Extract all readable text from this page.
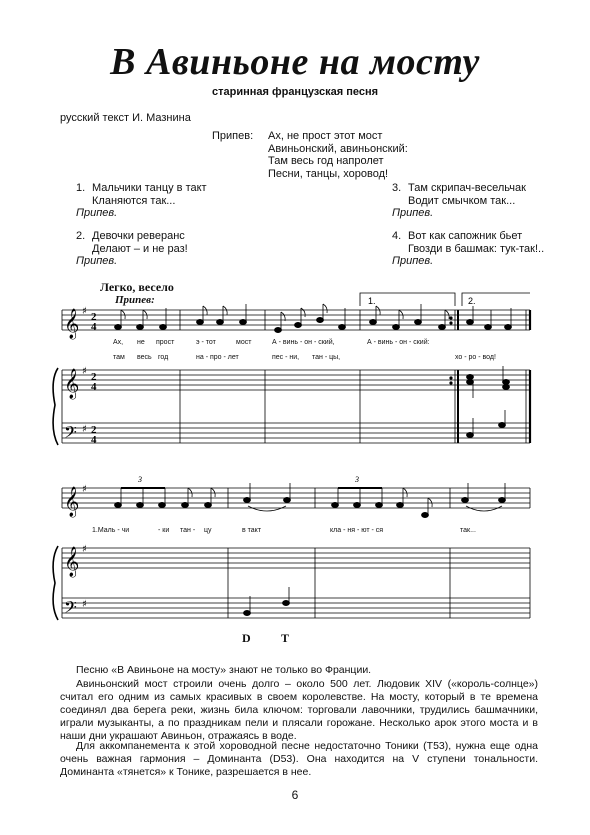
В Авиньоне на мосту
старинная французская песня
русский текст И. Мазнина
Припев: Ах, не прост этот мост
Авиньонский, авиньонский:
Там весь год напролет
Песни, танцы, хоровод!
1. Мальчики танцу в такт
Кланяются так...
Припев.
2. Девочки реверанс
Делают – и не раз!
Припев.
3. Там скрипач-весельчак
Водит смычком так...
Припев.
4. Вот как сапожник бьет
Гвозди в башмак: тук-так!..
Припев.
Легко, весело
Припев:
𝄞
𝄞
𝄢
𝄞
𝄞
𝄢
♯
♯
♯
♯
♯
♯
2
4
2
4
2
4
1.	2.
3	3
Ах, не прост	э - тот	мост	А - винь - он - ский,	А - винь - он - ский:
там весь год	на - про - лет	пес - ни, тан - цы,	хо - ро - вод!
1.Маль - чи	- ки тан - цу	в такт	кла - ня - ют - ся	так...
D	T
Песню «В Авиньоне на мосту» знают не только во Франции.
Авиньонский мост строили очень долго – около 500 лет. Людовик XIV («король-солнце») считал его одним из самых красивых в своем королевстве. На мосту, который в те времена соединял два берега реки, жизнь била ключом: торговали лавочники, трудились башмачники, играли музыканты, а по праздникам пели и плясали горожане. Несколько арок этого моста и в наши дни украшают Авиньон, отражаясь в воде.
Для аккомпанемента к этой хороводной песне недостаточно Тоники (T53), нужна еще одна очень важная гармония – Доминанта (D53). Она находится на V ступени тональности. Доминанта «тянется» к Тонике, разрешается в нее.
6
